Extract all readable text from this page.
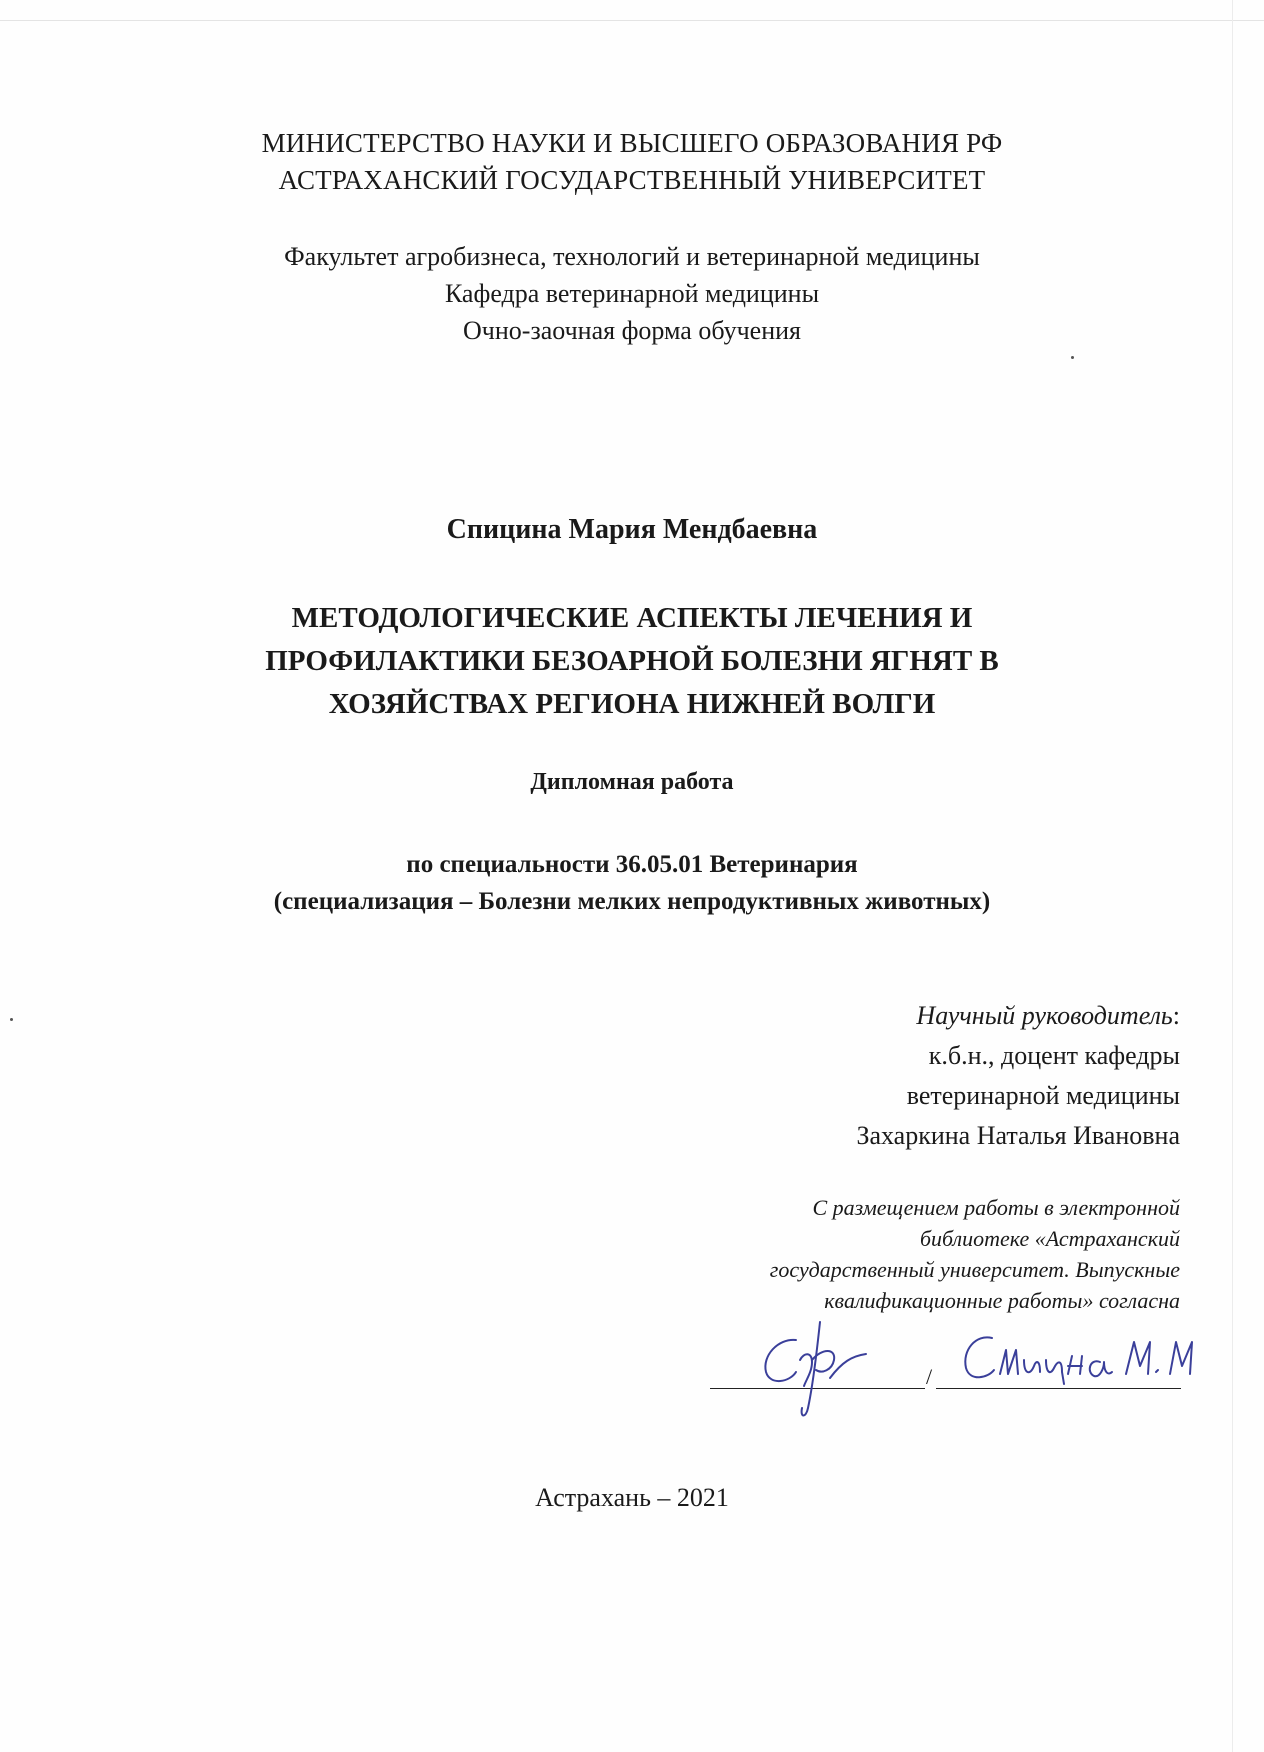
МИНИСТЕРСТВО НАУКИ И ВЫСШЕГО ОБРАЗОВАНИЯ РФ
АСТРАХАНСКИЙ ГОСУДАРСТВЕННЫЙ УНИВЕРСИТЕТ
Факультет агробизнеса, технологий и ветеринарной медицины
Кафедра ветеринарной медицины
Очно-заочная форма обучения
Спицина Мария Мендбаевна
МЕТОДОЛОГИЧЕСКИЕ АСПЕКТЫ ЛЕЧЕНИЯ И
ПРОФИЛАКТИКИ БЕЗОАРНОЙ БОЛЕЗНИ ЯГНЯТ В
ХОЗЯЙСТВАХ РЕГИОНА НИЖНЕЙ ВОЛГИ
Дипломная работа
по специальности 36.05.01 Ветеринария
(специализация – Болезни мелких непродуктивных животных)
Научный руководитель:
к.б.н., доцент кафедры
ветеринарной медицины
Захаркина Наталья Ивановна
С размещением работы в электронной
библиотеке «Астраханский
государственный университет. Выпускные
квалификационные работы» согласна
/
Астрахань – 2021
